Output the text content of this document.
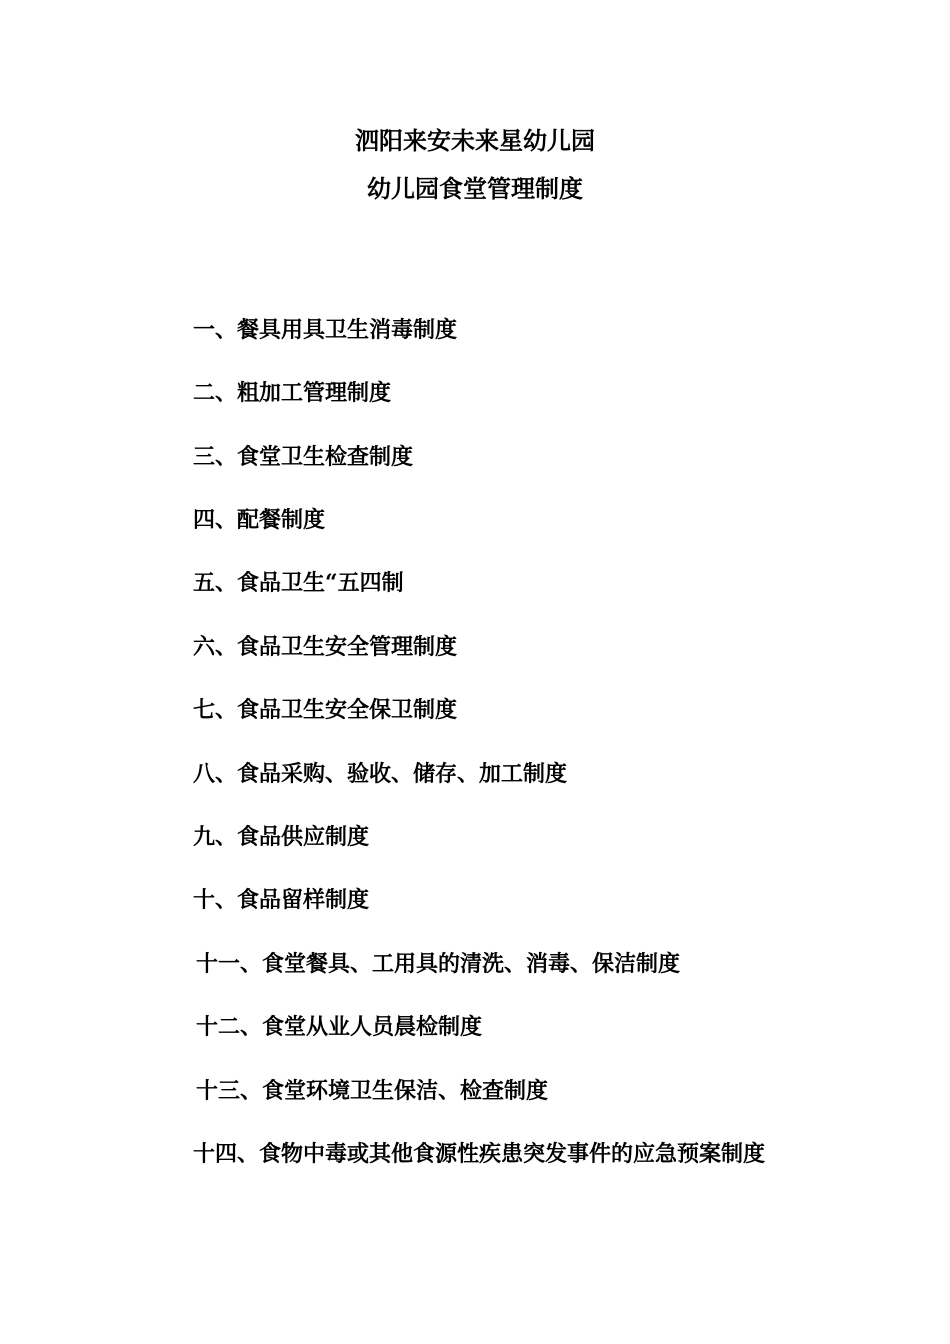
泗阳来安未来星幼儿园
幼儿园食堂管理制度
一、餐具用具卫生消毒制度
二、粗加工管理制度
三、食堂卫生检查制度
四、配餐制度
五、食品卫生“五四制
六、食品卫生安全管理制度
七、食品卫生安全保卫制度
八、食品采购、验收、储存、加工制度
九、食品供应制度
十、食品留样制度
十一、食堂餐具、工用具的清洗、消毒、保洁制度
十二、食堂从业人员晨检制度
十三、食堂环境卫生保洁、检查制度
十四、食物中毒或其他食源性疾患突发事件的应急预案制度
